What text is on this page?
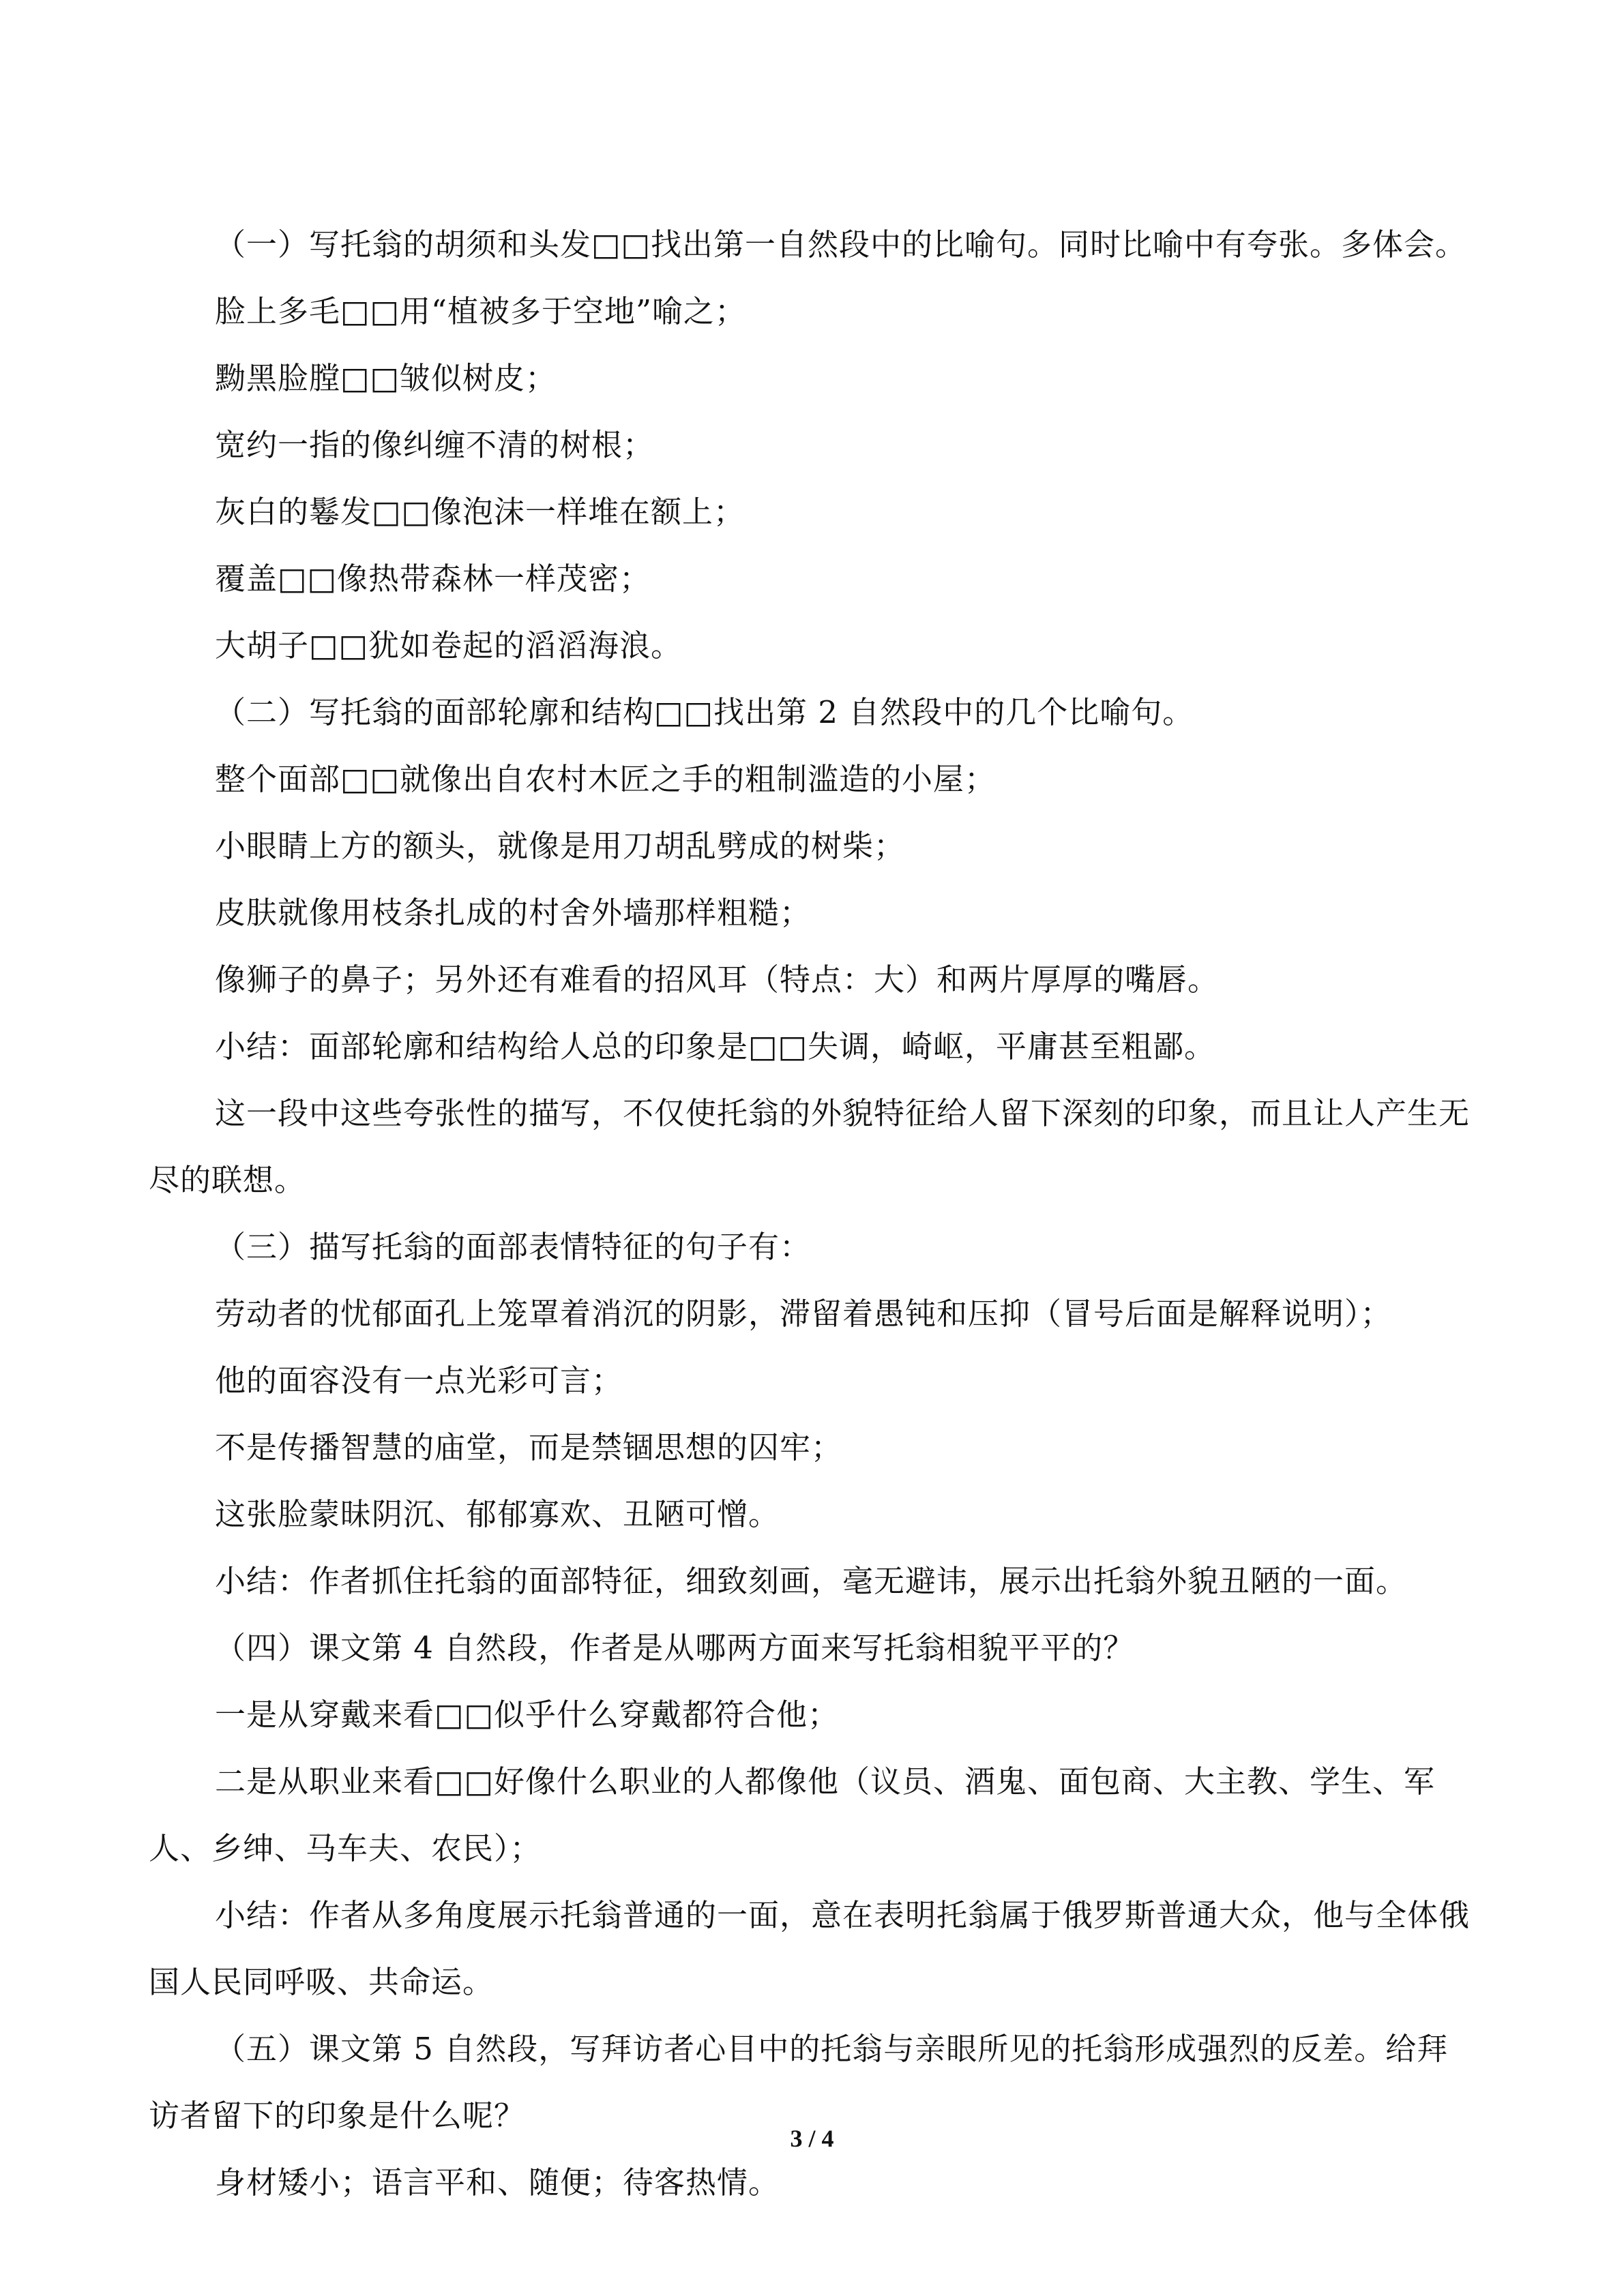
（一）写托翁的胡须和头发□□找出第一自然段中的比喻句。同时比喻中有夸张。多体会。

脸上多毛□□用“植被多于空地”喻之；

黝黑脸膛□□皱似树皮；

宽约一指的像纠缠不清的树根；

灰白的鬈发□□像泡沫一样堆在额上；

覆盖□□像热带森林一样茂密；

大胡子□□犹如卷起的滔滔海浪。

（二）写托翁的面部轮廓和结构□□找出第 2 自然段中的几个比喻句。

整个面部□□就像出自农村木匠之手的粗制滥造的小屋；

小眼睛上方的额头，就像是用刀胡乱劈成的树柴；

皮肤就像用枝条扎成的村舍外墙那样粗糙；

像狮子的鼻子；另外还有难看的招风耳（特点：大）和两片厚厚的嘴唇。

小结：面部轮廓和结构给人总的印象是□□失调，崎岖，平庸甚至粗鄙。

这一段中这些夸张性的描写，不仅使托翁的外貌特征给人留下深刻的印象，而且让人产生无尽的联想。

（三）描写托翁的面部表情特征的句子有：

劳动者的忧郁面孔上笼罩着消沉的阴影，滞留着愚钝和压抑（冒号后面是解释说明）；

他的面容没有一点光彩可言；

不是传播智慧的庙堂，而是禁锢思想的囚牢；

这张脸蒙昧阴沉、郁郁寡欢、丑陋可憎。

小结：作者抓住托翁的面部特征，细致刻画，毫无避讳，展示出托翁外貌丑陋的一面。

（四）课文第 4 自然段，作者是从哪两方面来写托翁相貌平平的？

一是从穿戴来看□□似乎什么穿戴都符合他；

二是从职业来看□□好像什么职业的人都像他（议员、酒鬼、面包商、大主教、学生、军人、乡绅、马车夫、农民）；

小结：作者从多角度展示托翁普通的一面，意在表明托翁属于俄罗斯普通大众，他与全体俄国人民同呼吸、共命运。

（五）课文第 5 自然段，写拜访者心目中的托翁与亲眼所见的托翁形成强烈的反差。给拜访者留下的印象是什么呢？

身材矮小；语言平和、随便；待客热情。

3 / 4
